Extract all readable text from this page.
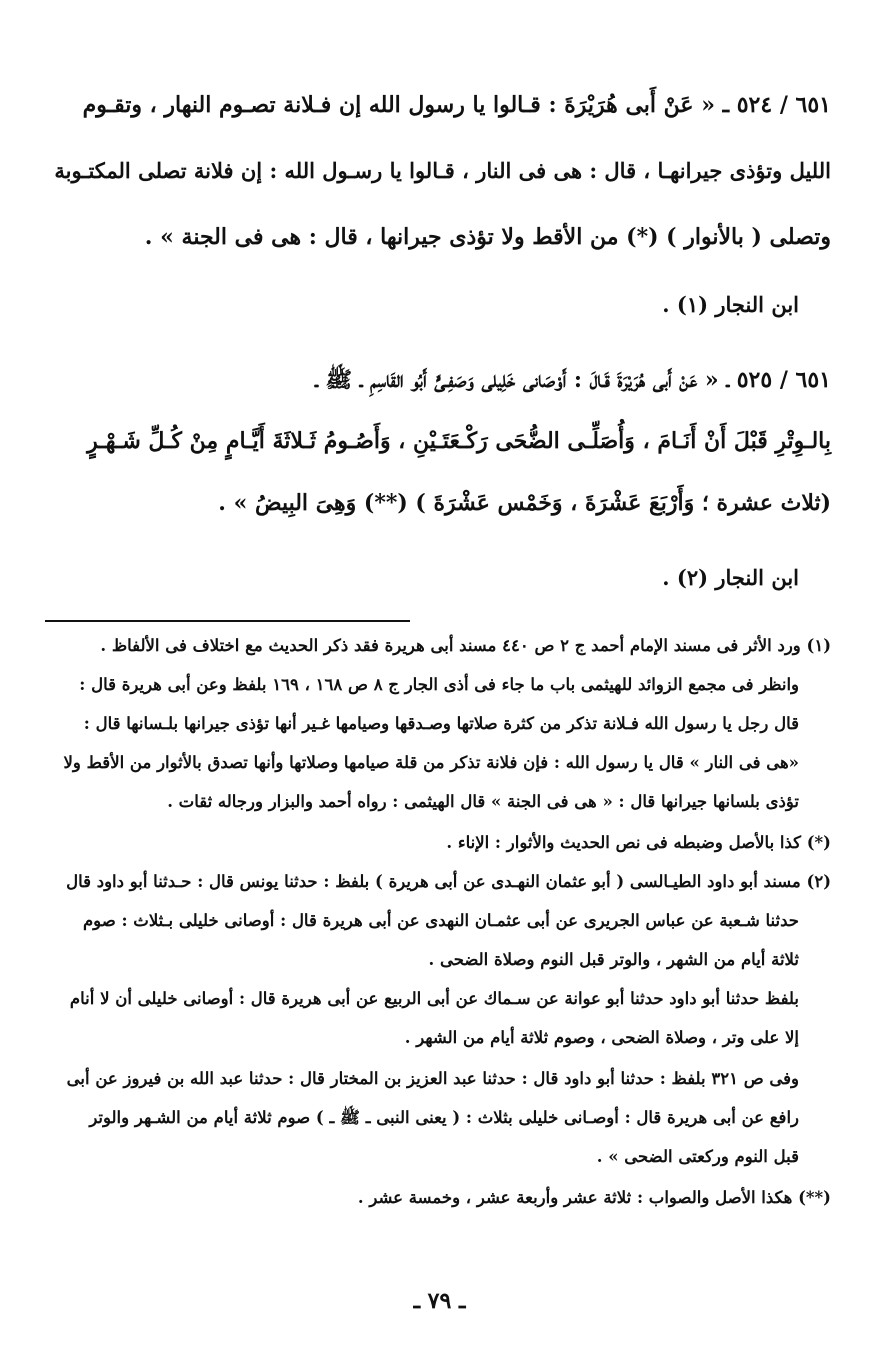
٦٥١ / ٥٢٤ ـ « عَنْ أَبى هُرَيْرَةَ : قـالوا يا رسول الله إن فـلانة تصـوم النهار ، وتقـوم

الليل وتؤذى جيرانهـا ، قال : هى فى النار ، قـالوا يا رسـول الله : إن فلانة تصلى المكتـوبة

وتصلى ( بالأنوار ) (*) من الأقط ولا تؤذى جيرانها ، قال : هى فى الجنة » .

ابن النجار (١) .

٦٥١ / ٥٢٥ ـ « عَنْ أَبى هُرَيْرَةَ قَـالَ : أَوْصَانى خَلِيلى وَصَفِـىٍّ أَبُو القَاسِمِ ـ ﷺ ـ

بِالـوِتْرِ قَبْلَ أَنْ أَنَـامَ ، وَأُصَلِّـى الضُّحَى رَكْـعَتَـيْنِ ، وَأَصُـومُ ثَـلاثَةَ أَيَّـامٍ مِنْ كُـلِّ شَـهْـرٍ

(ثلاث عشرة ؛ وَأَرْبَعَ عَشْرَةَ ، وَخَمْس عَشْرَةَ ) (**) وَهِىَ البِيضُ » .

ابن النجار (٢) .

(١) ورد الأثر فى مسند الإمام أحمد ج ٢ ص ٤٤٠ مسند أبى هريرة فقد ذكر الحديث مع اختلاف فى الألفاظ .

وانظر فى مجمع الزوائد للهيثمى باب ما جاء فى أذى الجار ج ٨ ص ١٦٨ ، ١٦٩ بلفظ وعن أبى هريرة قال :

قال رجل يا رسول الله فـلانة تذكر من كثرة صلاتها وصـدقها وصيامها غـير أنها تؤذى جيرانها بلـسانها قال :

«هى فى النار » قال يا رسول الله : فإن فلانة تذكر من قلة صيامها وصلاتها وأنها تصدق بالأثوار من الأقط ولا

تؤذى بلسانها جيرانها قال : « هى فى الجنة » قال الهيثمى : رواه أحمد والبزار ورجاله ثقات .

(*) كذا بالأصل وضبطه فى نص الحديث والأثوار : الإناء .

(٢) مسند أبو داود الطيـالسى ( أبو عثمان النهـدى عن أبى هريرة ) بلفظ : حدثنا يونس قال : حـدثنا أبو داود قال

حدثنا شـعبة عن عباس الجريرى عن أبى عثمـان النهدى عن أبى هريرة قال : أوصانى خليلى بـثلاث : صوم

ثلاثة أيام من الشهر ، والوتر قبل النوم وصلاة الضحى .

بلفظ حدثنا أبو داود حدثنا أبو عوانة عن سـماك عن أبى الربيع عن أبى هريرة قال : أوصانى خليلى أن لا أنام

إلا على وتر ، وصلاة الضحى ، وصوم ثلاثة أيام من الشهر .

وفى ص ٣٢١ بلفظ : حدثنا أبو داود قال : حدثنا عبد العزيز بن المختار قال : حدثنا عبد الله بن فيروز عن أبى

رافع عن أبى هريرة قال : أوصـانى خليلى بثلاث : ( يعنى النبى ـ ﷺ ـ ) صوم ثلاثة أيام من الشـهر والوتر

قبل النوم وركعتى الضحى » .

(**) هكذا الأصل والصواب : ثلاثة عشر وأربعة عشر ، وخمسة عشر .

ـ ٧٩ ـ
